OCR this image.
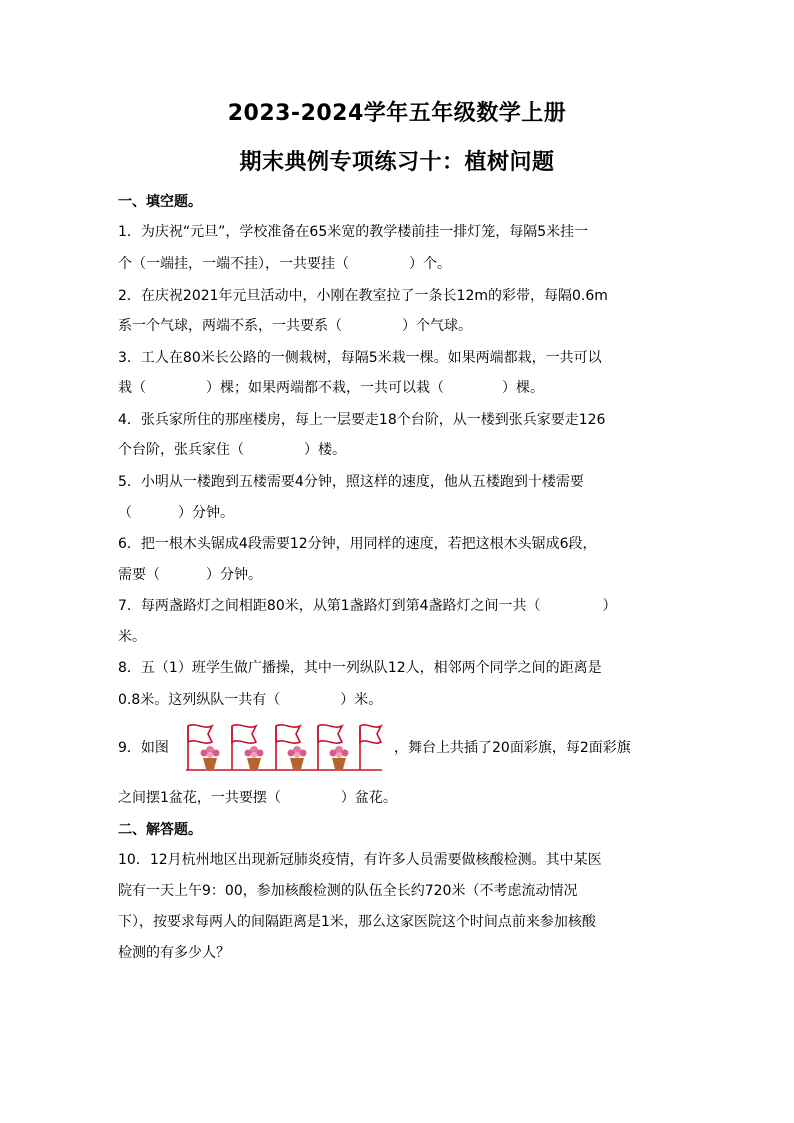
2023-2024学年五年级数学上册
期末典例专项练习十：植树问题
一、填空题。
1．为庆祝“元旦”，学校准备在65米宽的教学楼前挂一排灯笼，每隔5米挂一
个（一端挂，一端不挂），一共要挂（	）个。
2．在庆祝2021年元旦活动中，小刚在教室拉了一条长12m的彩带，每隔0.6m
系一个气球，两端不系，一共要系（	）个气球。
3．工人在80米长公路的一侧栽树，每隔5米栽一棵。如果两端都栽，一共可以
栽（	）棵；如果两端都不栽，一共可以栽（	）棵。
4．张兵家所住的那座楼房，每上一层要走18个台阶，从一楼到张兵家要走126
个台阶，张兵家住（	）楼。
5．小明从一楼跑到五楼需要4分钟，照这样的速度，他从五楼跑到十楼需要
（	）分钟。
6．把一根木头锯成4段需要12分钟，用同样的速度，若把这根木头锯成6段，
需要（	）分钟。
7．每两盏路灯之间相距80米，从第1盏路灯到第4盏路灯之间一共（	）
米。
8．五（1）班学生做广播操，其中一列纵队12人，相邻两个同学之间的距离是
0.8米。这列纵队一共有（	）米。
9．如图	，舞台上共插了20面彩旗，每2面彩旗
之间摆1盆花，一共要摆（	）盆花。
二、解答题。
10．12月杭州地区出现新冠肺炎疫情，有许多人员需要做核酸检测。其中某医
院有一天上午9：00，参加核酸检测的队伍全长约720米（不考虑流动情况
下），按要求每两人的间隔距离是1米，那么这家医院这个时间点前来参加核酸
检测的有多少人？
